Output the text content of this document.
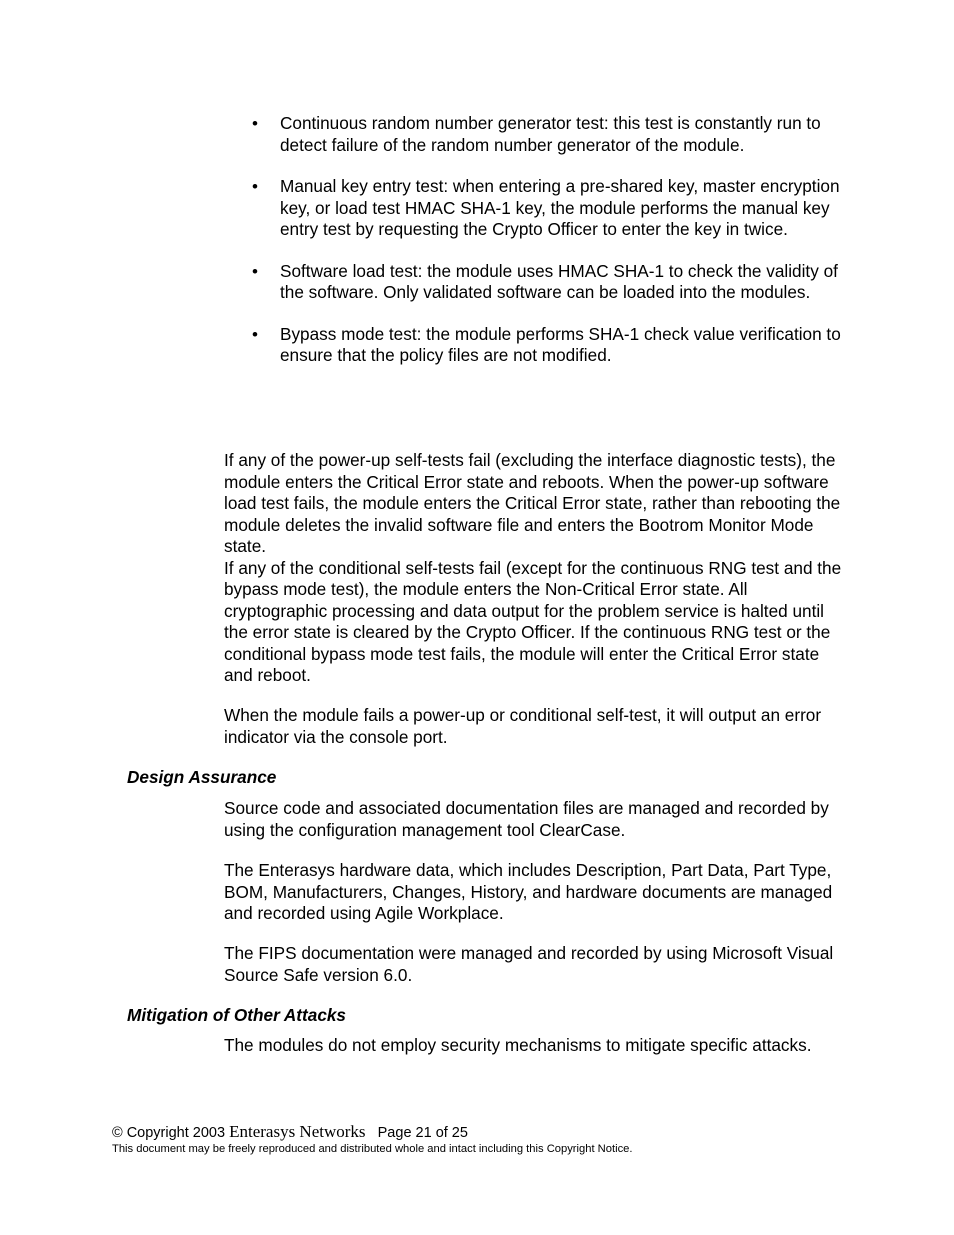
• Continuous random number generator test: this test is constantly run to detect failure of the random number generator of the module.
• Manual key entry test: when entering a pre-shared key, master encryption key, or load test HMAC SHA-1 key, the module performs the manual key entry test by requesting the Crypto Officer to enter the key in twice.
• Software load test: the module uses HMAC SHA-1 to check the validity of the software. Only validated software can be loaded into the modules.
• Bypass mode test: the module performs SHA-1 check value verification to ensure that the policy files are not modified.

If any of the power-up self-tests fail (excluding the interface diagnostic tests), the module enters the Critical Error state and reboots. When the power-up software load test fails, the module enters the Critical Error state, rather than rebooting the module deletes the invalid software file and enters the Bootrom Monitor Mode state.

If any of the conditional self-tests fail (except for the continuous RNG test and the bypass mode test), the module enters the Non-Critical Error state. All cryptographic processing and data output for the problem service is halted until the error state is cleared by the Crypto Officer. If the continuous RNG test or the conditional bypass mode test fails, the module will enter the Critical Error state and reboot.

When the module fails a power-up or conditional self-test, it will output an error indicator via the console port.

Design Assurance

Source code and associated documentation files are managed and recorded by using the configuration management tool ClearCase.

The Enterasys hardware data, which includes Description, Part Data, Part Type, BOM, Manufacturers, Changes, History, and hardware documents are managed and recorded using Agile Workplace.

The FIPS documentation were managed and recorded by using Microsoft Visual Source Safe version 6.0.

Mitigation of Other Attacks

The modules do not employ security mechanisms to mitigate specific attacks.

© Copyright 2003 Enterasys Networks Page 21 of 25
This document may be freely reproduced and distributed whole and intact including this Copyright Notice.
